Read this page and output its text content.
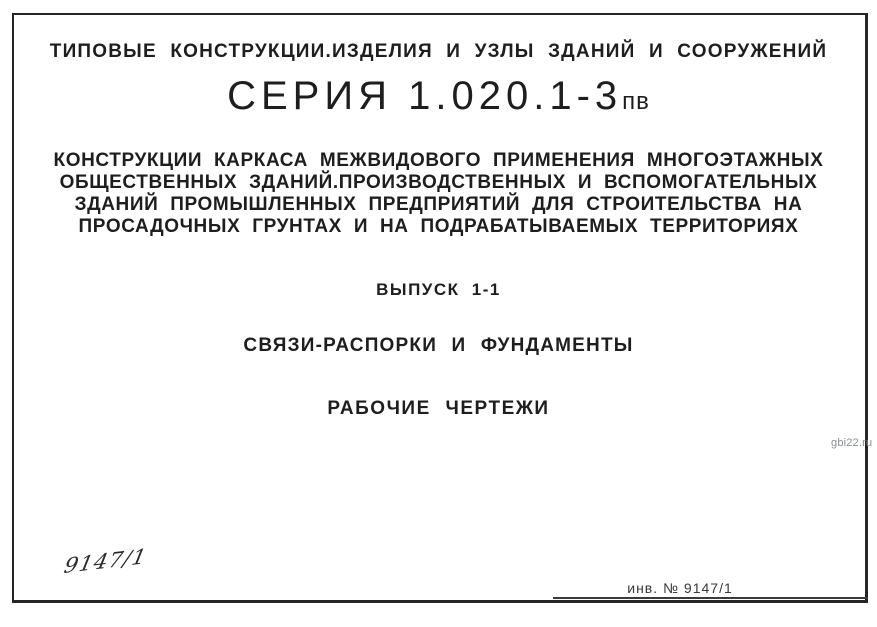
ТИПОВЫЕ КОНСТРУКЦИИ.ИЗДЕЛИЯ И УЗЛЫ ЗДАНИЙ И СООРУЖЕНИЙ
СЕРИЯ 1.020.1-3пв
КОНСТРУКЦИИ КАРКАСА МЕЖВИДОВОГО ПРИМЕНЕНИЯ МНОГОЭТАЖНЫХ
ОБЩЕСТВЕННЫХ ЗДАНИЙ.ПРОИЗВОДСТВЕННЫХ И ВСПОМОГАТЕЛЬНЫХ
ЗДАНИЙ ПРОМЫШЛЕННЫХ ПРЕДПРИЯТИЙ ДЛЯ СТРОИТЕЛЬСТВА НА
ПРОСАДОЧНЫХ ГРУНТАХ И НА ПОДРАБАТЫВАЕМЫХ ТЕРРИТОРИЯХ
ВЫПУСК 1-1
СВЯЗИ-РАСПОРКИ И ФУНДАМЕНТЫ
РАБОЧИЕ ЧЕРТЕЖИ
gbi22.ru
9147/1
инв. № 9147/1
